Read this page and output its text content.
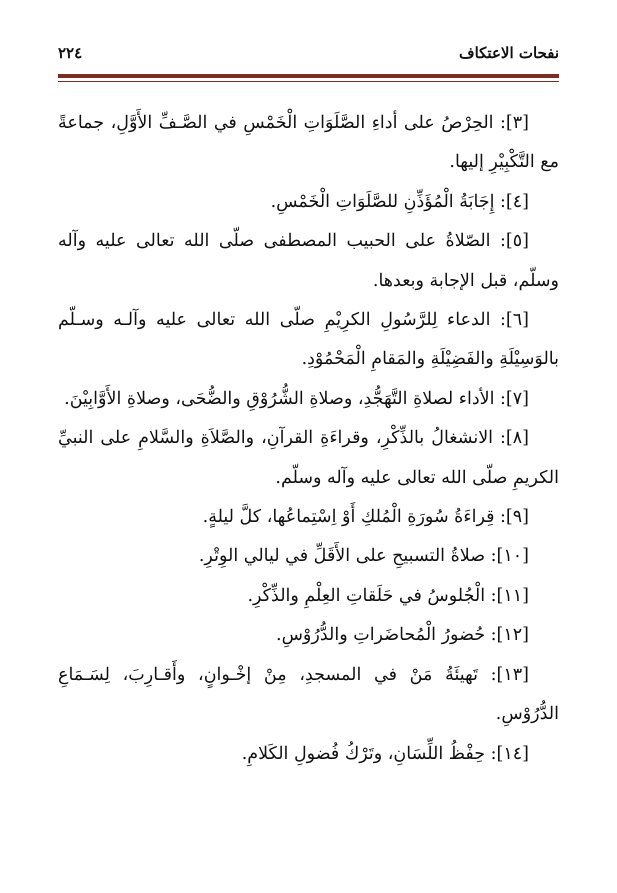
نفحات الاعتكاف
٢٢٤

[٣]: الحِرْصُ على أداءِ الصَّلَوَاتِ الْخَمْسِ في الصَّـفِّ الأَوَّلِ، جماعةً مع التَّكْبِيْرِ إليها.

[٤]: إِجَابَةُ الْمُؤَذِّنِ للصَّلَوَاتِ الْخَمْسِ.

[٥]: الصّلاةُ على الحبيب المصطفى صلّى الله تعالى عليه وآله وسلّم، قبل الإجابة وبعدها.

[٦]: الدعاء لِلرَّسُولِ الكرِيْمِ صلّى الله تعالى عليه وآلـه وسـلّم بالوَسِيْلَةِ والفَضِيْلَةِ والمَقامِ الْمَحْمُوْدِ.

[٧]: الأداء لصلاةِ التَّهَجُّدِ، وصلاةِ الشُّرُوْقِ والضُّحَى، وصلاةِ الأَوَّابِيْنَ.

[٨]: الانشغالُ بالذِّكْرِ، وقراءَةِ القرآنِ، والصَّلاَةِ والسَّلامِ على النبيِّ الكريمِ صلّى الله تعالى عليه وآله وسلّم.

[٩]: قِراءَةُ سُورَةِ الْمُلكِ أَوْ اِسْتِماعُها، كلَّ ليلةٍ.

[١٠]: صلاةُ التسبيحِ على الأَقَلِّ في ليالي الوِتْرِ.

[١١]: الْجُلوسُ في حَلَقاتِ العِلْمِ والذِّكْرِ.

[١٢]: حُضورُ الْمُحاضَراتِ والدُّرُوْسِ.

[١٣]: تَهيئَةُ مَنْ في المسجدِ، مِنْ إخْـوانٍ، وأَقـارِبَ، لِسَـمَاعِ الدُّرُوْسِ.

[١٤]: حِفْظُ اللِّسَانِ، وتَرْكُ فُضولِ الكَلامِ.
